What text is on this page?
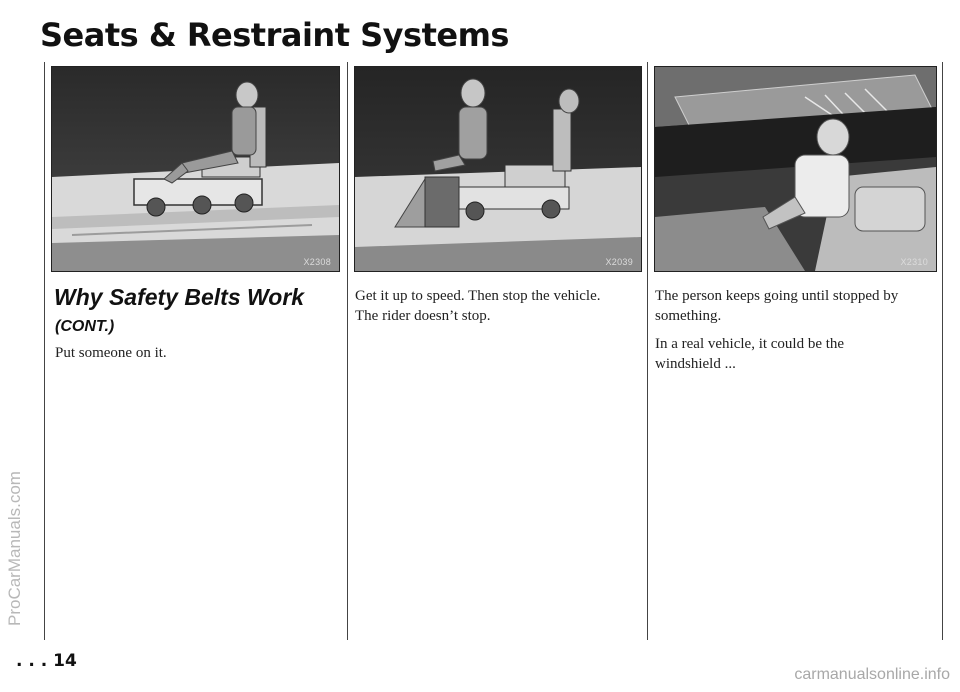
Seats & Restraint Systems
X2308	X2039	X2310
Why Safety Belts Work
(CONT.)

Put someone on it.

Get it up to speed. Then stop the vehicle.

The rider doesn’t stop.

The person keeps going until stopped by

something.

In a real vehicle, it could be the

windshield ...

. . . 14

ProCarManuals.com

carmanualsonline.info
